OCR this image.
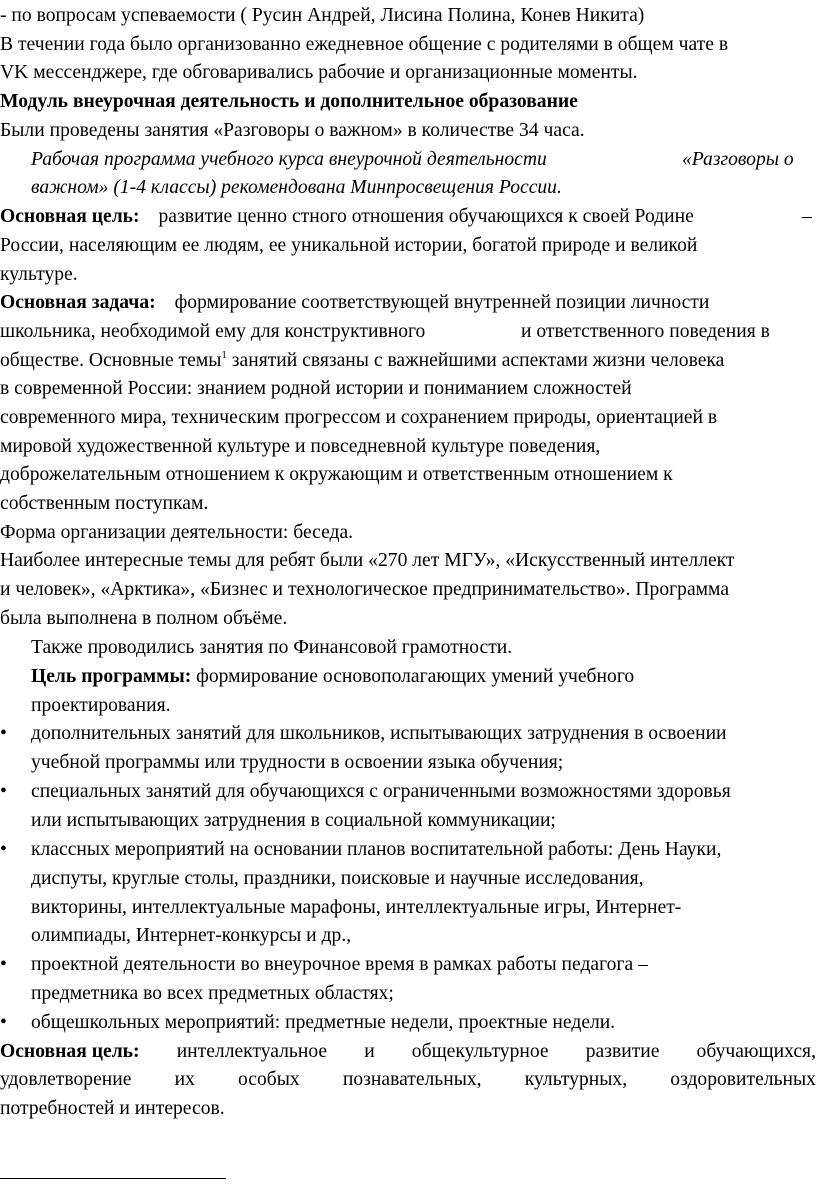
- по вопросам успеваемости ( Русин Андрей, Лисина Полина, Конев Никита)
В течении года было организованно ежедневное общение с родителями в общем чате в
VK мессенджере, где обговаривались рабочие и организационные моменты.
Модуль внеурочная деятельность и дополнительное образование
Были проведены занятия «Разговоры о важном» в количестве 34 часа.
Рабочая программа учебного курса внеурочной деятельности	«Разговоры о
важном» (1-4 классы) рекомендована Минпросвещения России.
Основная цель: развитие ценно стного отношения обучающихся к своей Родине	–
России, населяющим ее людям, ее уникальной истории, богатой природе и великой
культуре.
Основная задача: формирование соответствующей внутренней позиции личности
школьника, необходимой ему для конструктивного	и ответственного поведения в
обществе. Основные темы$^1$ занятий связаны с важнейшими аспектами жизни человека
в современной России: знанием родной истории и пониманием сложностей
современного мира, техническим прогрессом и сохранением природы, ориентацией в
мировой художественной культуре и повседневной культуре поведения,
доброжелательным отношением к окружающим и ответственным отношением к
собственным поступкам.
Форма организации деятельности: беседа.
Наиболее интересные темы для ребят были «270 лет МГУ», «Искусственный интеллект
и человек», «Арктика», «Бизнес и технологическое предпринимательство». Программа
была выполнена в полном объёме.
Также проводились занятия по Финансовой грамотности.
Цель программы: формирование основополагающих умений учебного
проектирования.
• дополнительных занятий для школьников, испытывающих затруднения в освоении
учебной программы или трудности в освоении языка обучения;
• специальных занятий для обучающихся с ограниченными возможностями здоровья
или испытывающих затруднения в социальной коммуникации;
• классных мероприятий на основании планов воспитательной работы: День Науки,
диспуты, круглые столы, праздники, поисковые и научные исследования,
викторины, интеллектуальные марафоны, интеллектуальные игры, Интернет-
олимпиады, Интернет-конкурсы и др.,
• проектной деятельности во внеурочное время в рамках работы педагога –
предметника во всех предметных областях;
• общешкольных мероприятий: предметные недели, проектные недели.
Основная цель: интеллектуальное и общекультурное развитие обучающихся,
удовлетворение их особых познавательных, культурных, оздоровительных
потребностей и интересов.
